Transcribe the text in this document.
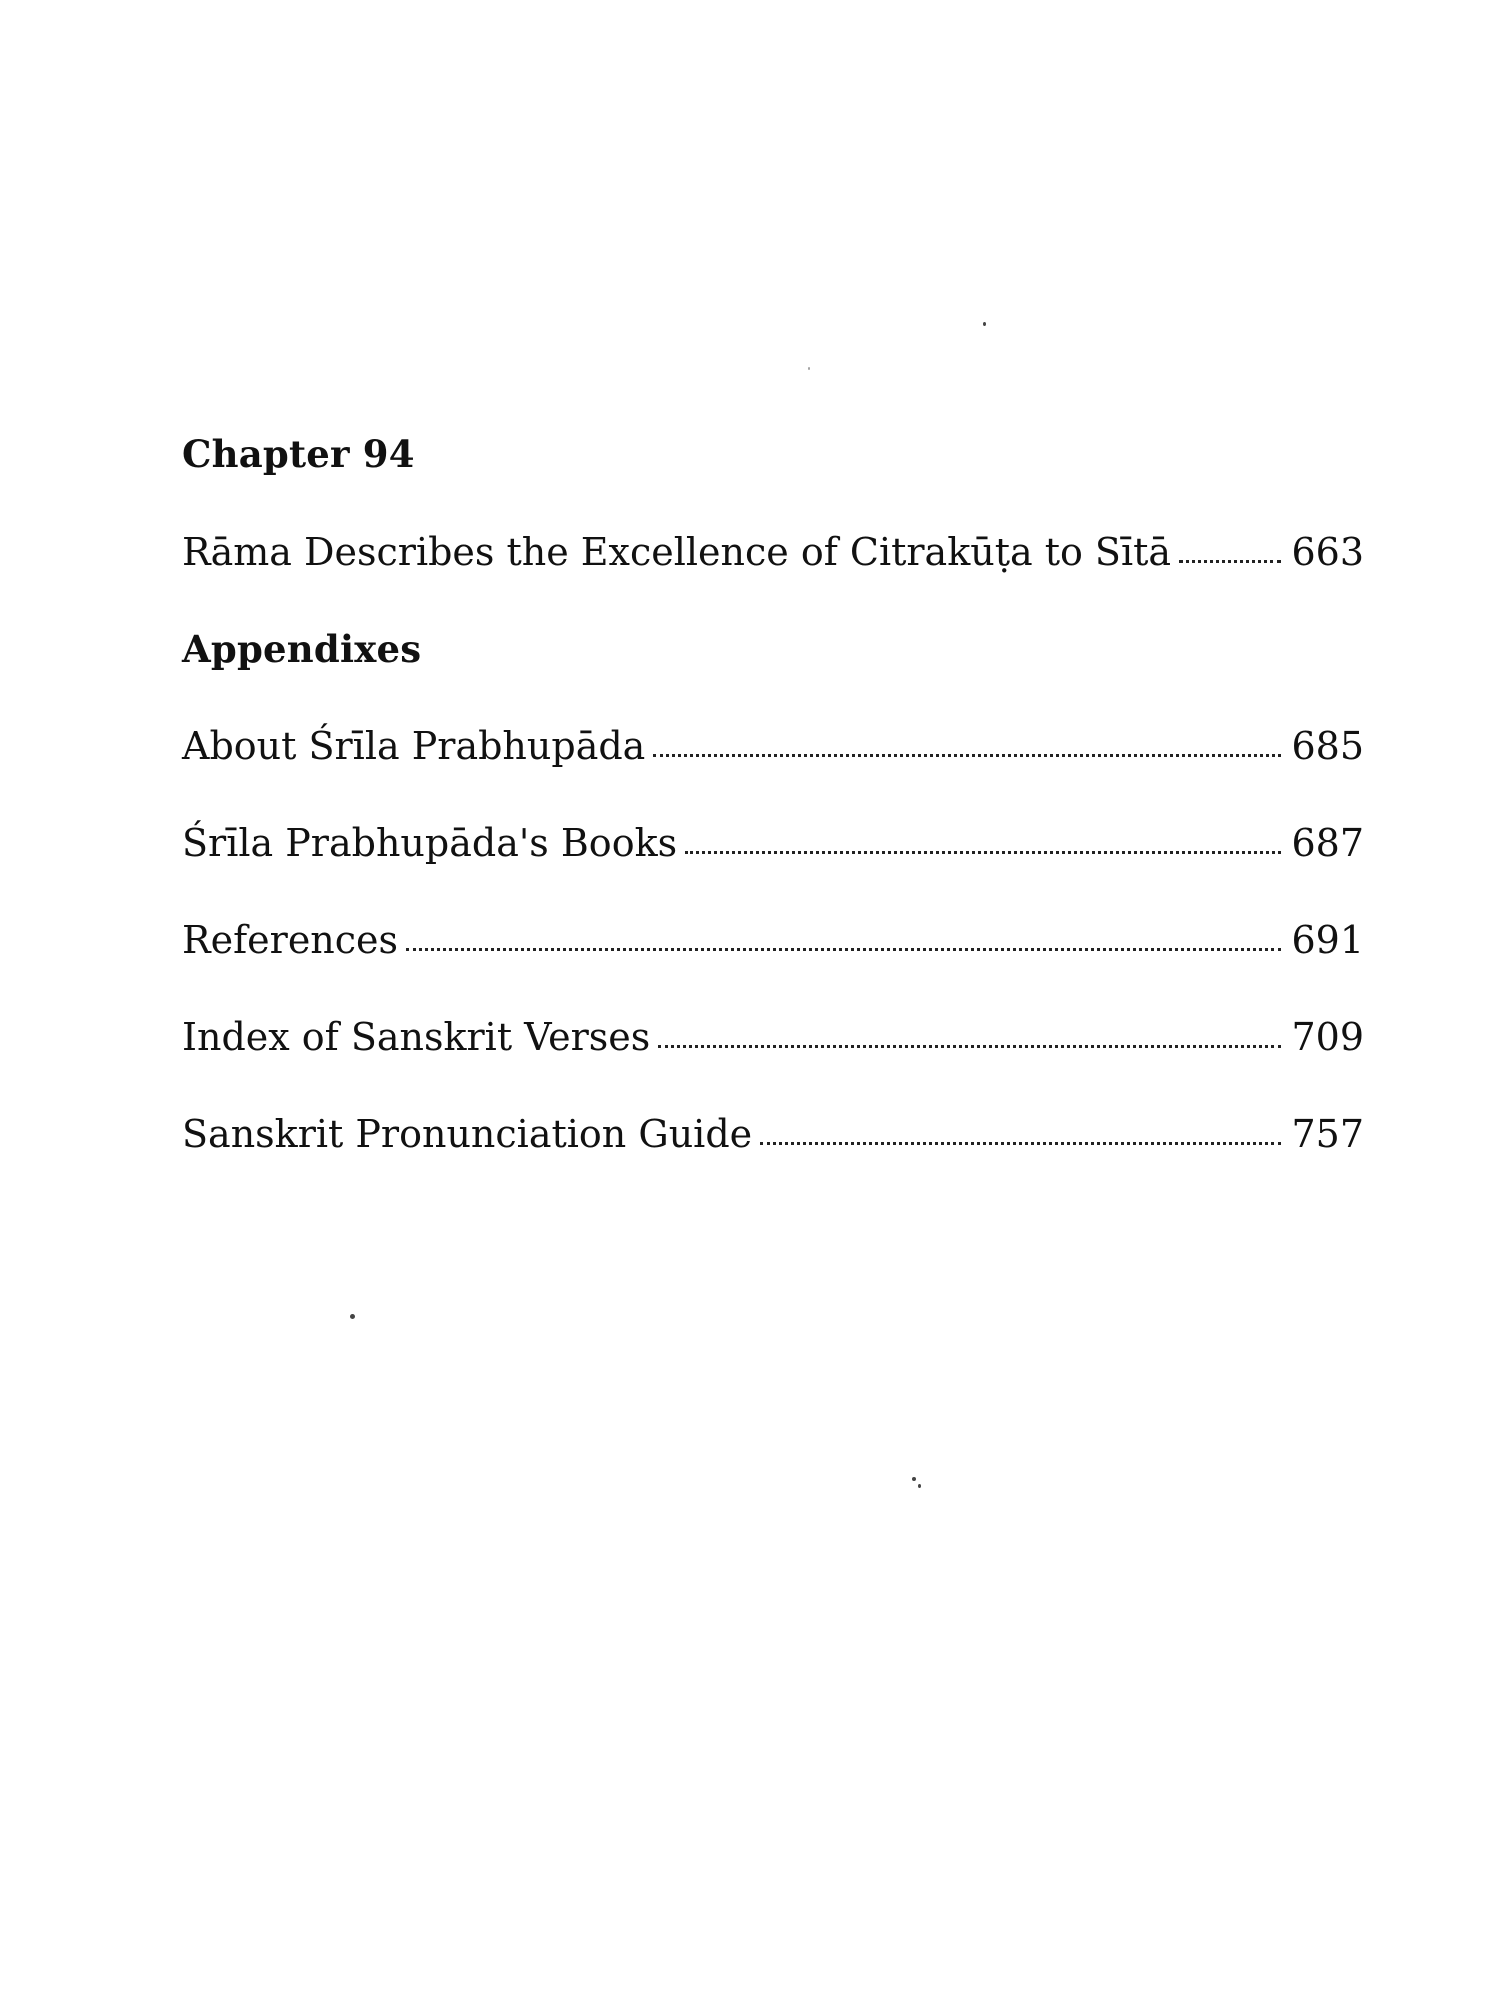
Chapter 94
Rāma Describes the Excellence of Citrakūṭa to Sītā	663
Appendixes
About Śrīla Prabhupāda	685
Śrīla Prabhupāda's Books	687
References	691
Index of Sanskrit Verses	709
Sanskrit Pronunciation Guide	757
